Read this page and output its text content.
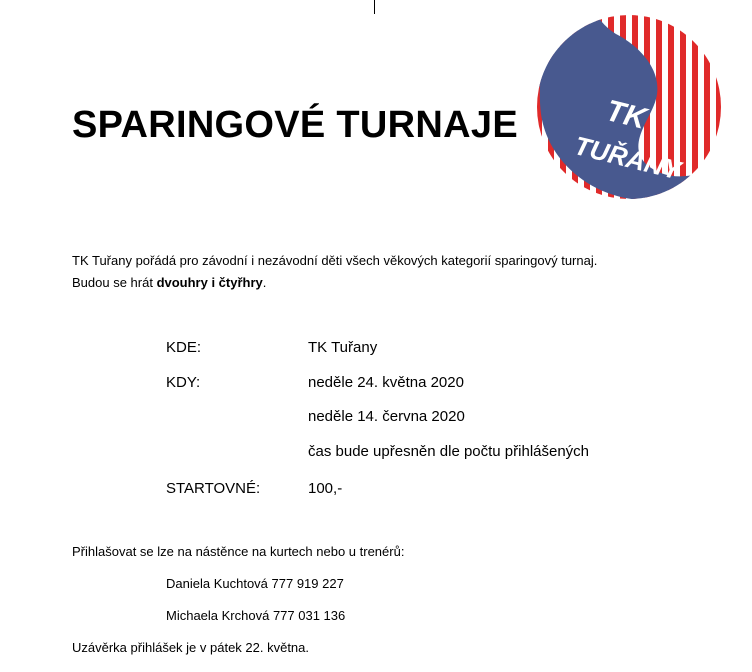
SPARINGOVÉ TURNAJE	TK
TUŘANY
TK Tuřany pořádá pro závodní i nezávodní děti všech věkových kategorií sparingový turnaj.
Budou se hrát dvouhry i čtyřhry.
KDE:	TK Tuřany
KDY:	neděle 24. května 2020
neděle 14. června 2020
čas bude upřesněn dle počtu přihlášených
STARTOVNÉ:	100,-
Přihlašovat se lze na nástěnce na kurtech nebo u trenérů:
Daniela Kuchtová 777 919 227
Michaela Krchová 777 031 136
Uzávěrka přihlášek je v pátek 22. května.
